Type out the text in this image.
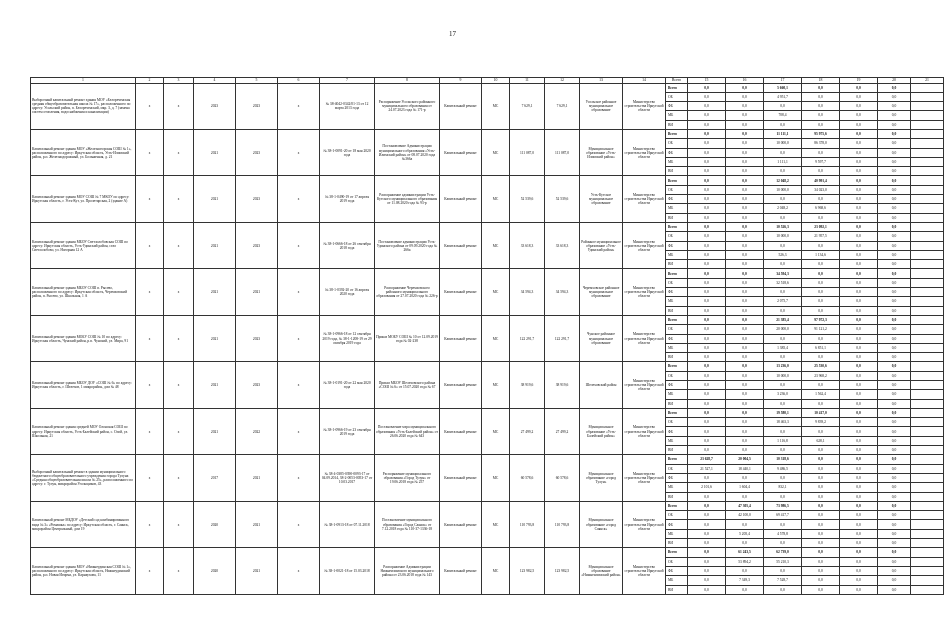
17
1	2	3	4	5	6	7	8	9	10	11	12	13	14	Всего	15	16	17	18	19	20	21
Выборочный капитальный ремонт здания МОУ «Белореченская средняя общеобразовательная школа № 17», расположенного по адресу: Усольский район, п. Белореченский, мкр. 3, д. 7 (замена систем отопления, водоснабжения и канализации)	х	х	2023	2023	х	№ 38-4042-0342/01-13 от 12 марта 2013 года	Распоряжение Усольского районного муниципального образования от 24.07.2023 года № 171-р	Капитальный ремонт	МС	7 629,1	7 629,1	Усольское районное муниципальное образование	Министерство строительства Иркутской области	Всего	0,0	0,0	5 660,1	0,0	0,0	0,0	
														ОБ	0,0	0,0	4 951,7	0,0	0,0	0,0	
														ФБ	0,0	0,0	0,0	0,0	0,0	0,0	
														МБ	0,0	0,0	708,4	0,0	0,0	0,0	
														ВИ	0,0	0,0	0,0	0,0	0,0	0,0	
Капитальный ремонт здания МОУ «Железногорская СОШ № 1», расположенного по адресу: Иркутская область, Усть-Илимский район, р.п. Железнодорожный, ул. Больничная, д. 21	х	х	2021	2023	х	№ 38-1-0091-20 от 18 мая 2020 года	Постановление Администрации муниципального образования «Усть-Илимский район» от 08.07.2020 года №366а	Капитальный ремонт	МС	111 087,0	111 087,0	Муниципальное образование «Усть-Илимский район»	Министерство строительства Иркутской области	Всего	0,0	0,0	11 111,1	95 975,6	0,0	0,0	
														ОБ	0,0	0,0	10 000,0	86 378,0	0,0	0,0	
														ФБ	0,0	0,0	0,0	0,0	0,0	0,0	
														МБ	0,0	0,0	1 111,1	9 597,7	0,0	0,0	
														ВИ	0,0	0,0	0,0	0,0	0,0	0,0	
Капитальный ремонт здания МОУ СОШ № 7 МКОУ по адресу: Иркутская область, г. Усть-Кут, ул. Пролетарская, 2 (здание А)	х	х	2021	2023	х	№ 38-1-0490-19 от 17 апреля 2019 года	Распоряжение администрации Усть-Кутского муниципального образования от 11.08.2020 года № 93-р	Капитальный ремонт	МС	52 539,6	52 539,6	Усть-Кутское муниципальное образование	Министерство строительства Иркутской области	Всего	0,0	0,0	12 048,2	40 991,4	0,0	0,0	
														ОБ	0,0	0,0	10 000,0	34 023,0	0,0	0,0	
														ФБ	0,0	0,0	0,0	0,0	0,0	0,0	
														МБ	0,0	0,0	2 048,2	6 968,6	0,0	0,0	
														ВИ	0,0	0,0	0,0	0,0	0,0	0,0	
Капитальный ремонт здания МБОУ Светлолобовская СОШ по адресу: Иркутская область, Усть-Удинский район, село Светлолобово, ул. Нагорная 12 А	х	х	2021	2023	х	№ 38-1-0666-18 от 26 сентября 2018 года	Постановление администрации Усть-Удинского района от 09.09.2020 года № 266а	Капитальный ремонт	МС	33 618,3	33 618,3	Районное муниципальное образование «Усть-Удинский район»	Министерство строительства Иркутской области	Всего	0,0	0,0	10 526,3	23 092,1	0,0	0,0	
														ОБ	0,0	0,0	10 000,0	21 957,5	0,0	0,0	
														ФБ	0,0	0,0	0,0	0,0	0,0	0,0	
														МБ	0,0	0,0	526,3	1 134,6	0,0	0,0	
														ВИ	0,0	0,0	0,0	0,0	0,0	0,0	
Капитальный ремонт здания МБОУ СОШ п. Рысево, расположенного по адресу: Иркутская область, Черемховский район, п. Рысево, ул. Школьная, 1 А	х	х	2021	2021	х	№ 38-1-0392-20 от 16 апреля 2020 года	Распоряжение Черемховского районного муниципального образования от 27.07.2020 года № 226-р	Капитальный ремонт	МС	34 594,3	34 594,3	Черемховское районное муниципальное образование	Министерство строительства Иркутской области	Всего	0,0	0,0	34 594,3	0,0	0,0	0,0	
														ОБ	0,0	0,0	32 518,6	0,0	0,0	0,0	
														ФБ	0,0	0,0	0,0	0,0	0,0	0,0	
														МБ	0,0	0,0	2 075,7	0,0	0,0	0,0	
														ВИ	0,0	0,0	0,0	0,0	0,0	0,0	
Капитальный ремонт здания МОБУ СОШ № 10 по адресу: Иркутская область, Чунский район, р.п. Чунский, ул. Мира, 91	х	х	2021	2023	х	№ 38-1-0966-18 от 12 сентября 2019 года, № 38-1-1208-19 от 29 октября 2019 года	Приказ МОБУ СОШ № 10 от 12.09.2019 года № 02-238	Капитальный ремонт	МС	122 291,7	122 291,7	Чунское районное муниципальное образование	Министерство строительства Иркутской области	Всего	0,0	0,0	21 385,4	97 972,3	0,0	0,0	
														ОБ	0,0	0,0	20 000,0	91 121,2	0,0	0,0	
														ФБ	0,0	0,0	0,0	0,0	0,0	0,0	
														МБ	0,0	0,0	1 385,4	6 851,1	0,0	0,0	
														ВИ	0,0	0,0	0,0	0,0	0,0	0,0	
Капитальный ремонт здания МБОУ ДОУ «СОШ № 6» по адресу: Иркутская область, г. Шелехов, 1 микрорайон, дом № 48	х	х	2021	2023	х	№ 38-1-0191-20 от 22 мая 2020 года	Приказ МБОУ Шелеховского района «СОШ № 6» от 15.07.2020 года № 67	Капитальный ремонт	МС	38 919,6	38 919,6	Шелеховский район	Министерство строительства Иркутской области	Всего	0,0	0,0	13 236,0	25 530,6	0,0	0,0	
														ОБ	0,0	0,0	10 000,0	23 968,2	0,0	0,0	
														ФБ	0,0	0,0	0,0	0,0	0,0	0,0	
														МБ	0,0	0,0	3 236,0	1 562,4	0,0	0,0	
														ВИ	0,0	0,0	0,0	0,0	0,0	0,0	
Капитальный ремонт здания средней МОУ Олонская СОШ по адресу: Иркутская область, Усть-Балейский район, с. Олой, ул. Школьная, 21	х	х	2021	2022	х	№ 38-1-0966-19 от 23 сентября 2019 года	Постановление мэра муниципального образования «Усть-Балейский район» от 26.06.2020 года № 643	Капитальный ремонт	МС	27 499,2	27 499,2	Муниципальное образование «Усть-Балейский район»	Министерство строительства Иркутской области	Всего	0,0	0,0	19 580,1	10 417,0	0,0	0,0	
														ОБ	0,0	0,0	18 463,3	9 839,2	0,0	0,0	
														ФБ	0,0	0,0	0,0	0,0	0,0	0,0	
														МБ	0,0	0,0	1 116,8	628,1	0,0	0,0	
														ВИ	0,0	0,0	0,0	0,0	0,0	0,0	
Выборочный капитальный ремонт в здании муниципального бюджетного общеобразовательного учреждения города Тулуна «Средняя общеобразовательная школа № 25», расположенного по адресу: г. Тулун, микрорайон Угольщиков, 43	х	х	2017	2021	х	№ 38-4-0385-0390-0093-17 от 04.09.2014, 38-2-0053-0053-17 от 10.03.2017	Распоряжение муниципального образования «Город Тулун» от 19.06.2018 года № 257	Капитальный ремонт	МС	60 578,6	60 578,6	Муниципальное образование «город Тулун»	Министерство строительства Иркутской области	Всего	23 628,7	20 004,5	10 318,6	0,0	0,0	0,0	
														ОБ	21 527,1	18 440,1	9 486,5	0,0	0,0	0,0	
														ФБ	0,0	0,0	0,0	0,0	0,0	0,0	
														МБ	2 101,6	1 604,4	832,1	0,0	0,0	0,0	
														ВИ	0,0	0,0	0,0	0,0	0,0	0,0	
Капитальный ремонт МБДОУ «Детский сад комбинированного вида № 3» «Ромашка» по адресу: Иркутская область, г. Саянск, микрорайон Центральный, дом 19	х	х	2020	2021	х	№ 38-1-0913-18 от 07.11.2018	Постановление муниципального образования «Город Саянск» от 7.12.2018 года № 110-37-1336-18	Капитальный ремонт	МС	110 793,8	110 793,8	Муниципальное образование «город Саянск»	Министерство строительства Иркутской области	Всего	0,0	47 305,4	73 986,5	0,0	0,0	0,0	
														ОБ	0,0	42 100,0	69 417,7	0,0	0,0	0,0	
														ФБ	0,0	0,0	0,0	0,0	0,0	0,0	
														МБ	0,0	5 205,4	4 578,8	0,0	0,0	0,0	
														ВИ	0,0	0,0	0,0	0,0	0,0	0,0	
Капитальный ремонт здания МОУ «Нижнеудинская СОШ № 1», расположенного по адресу: Иркутская область, Нижнеудинский район, р.п. Новая Игирма, ул. Карнаухова, 11	х	х	2020	2021	х	№ 38-1-0021-18 от 15.03.2018	Распоряжение Администрации Нижнеилимского муниципального района от 23.06.2018 года № 143	Капитальный ремонт	МС	123 982,5	123 982,5	Муниципальное образование «Нижнеилимский район»	Министерство строительства Иркутской области	Всего	0,0	61 243,5	62 739,0	0,0	0,0	0,0	
														ОБ	0,0	53 894,2	55 210,3	0,0	0,0	0,0	
														ФБ	0,0	0,0	0,0	0,0	0,0	0,0	
														МБ	0,0	7 349,3	7 528,7	0,0	0,0	0,0	
														ВИ	0,0	0,0	0,0	0,0	0,0	0,0	
